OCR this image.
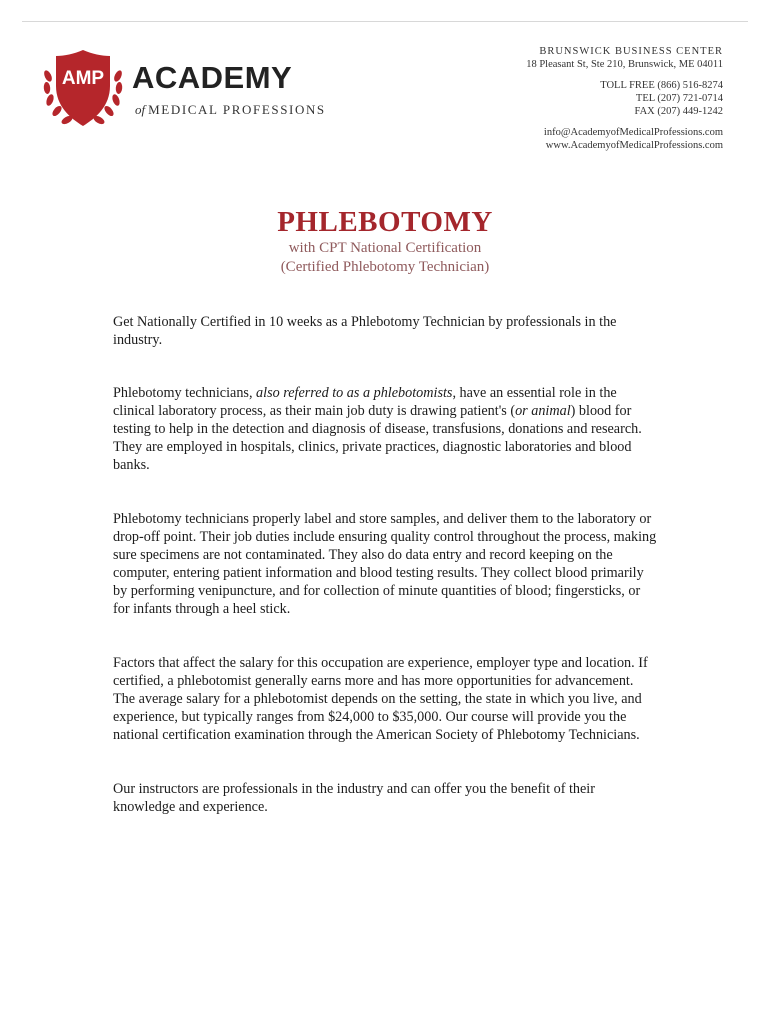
AMP ACADEMY
of MEDICAL PROFESSIONS
BRUNSWICK BUSINESS CENTER
18 Pleasant St, Ste 210, Brunswick, ME 04011
TOLL FREE (866) 516-8274
TEL (207) 721-0714
FAX (207) 449-1242
info@AcademyofMedicalProfessions.com
www.AcademyofMedicalProfessions.com
PHLEBOTOMY
with CPT National Certification
(Certified Phlebotomy Technician)

Get Nationally Certified in 10 weeks as a Phlebotomy Technician by professionals in the industry.

Phlebotomy technicians, also referred to as a phlebotomists, have an essential role in the clinical laboratory process, as their main job duty is drawing patient's (or animal) blood for testing to help in the detection and diagnosis of disease, transfusions, donations and research. They are employed in hospitals, clinics, private practices, diagnostic laboratories and blood banks.

Phlebotomy technicians properly label and store samples, and deliver them to the laboratory or drop-off point. Their job duties include ensuring quality control throughout the process, making sure specimens are not contaminated. They also do data entry and record keeping on the computer, entering patient information and blood testing results. They collect blood primarily by performing venipuncture, and for collection of minute quantities of blood; fingersticks, or for infants through a heel stick.

Factors that affect the salary for this occupation are experience, employer type and location. If certified, a phlebotomist generally earns more and has more opportunities for advancement. The average salary for a phlebotomist depends on the setting, the state in which you live, and experience, but typically ranges from $24,000 to $35,000. Our course will provide you the national certification examination through the American Society of Phlebotomy Technicians.

Our instructors are professionals in the industry and can offer you the benefit of their knowledge and experience.
